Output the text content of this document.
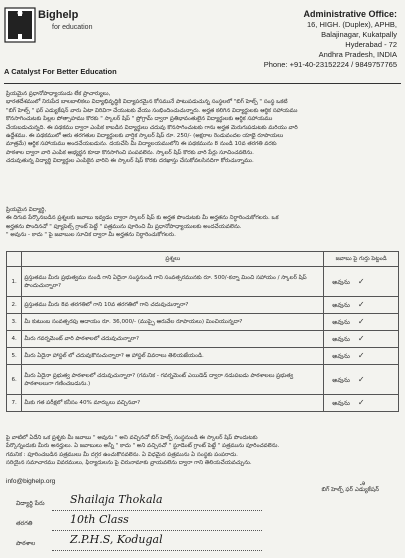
Bighelp
for education
A Catalyst For Better Education
Administrative Office:
16, HIGH. (Duplex), APHB,
Balajinagar, Kukatpally
Hyderabad - 72
Andhra Pradesh, INDIA
Phone: +91-40-23152224 / 9849757765
ప్రియమైన ప్రధానోపాధ్యాయుడు లేక ప్రాచార్యులు,
భారతదేశములో నిరుపేద బాలబాలికలు విద్యాభివృద్ధికి విద్యాపరమైన కోసమునే పాటుపడుచున్న సంస్థలలో "బిగ్ హెల్ప్ " సంస్థ ఒకటి
"బిగ్ హెల్ప్ " ఫర్ ఎడ్యుకేషన్ వారు ఏటా విరివిగా చేయుటకు వేయు సంభిందించుచున్నారు. అర్హత కలిగిన విద్యార్థులకు ఆర్థిక సహాయము
కొనసాగించుటకు పిల్లల పోత్సాహము కొరకు " స్కాలర్ షిప్ " ప్రోగ్రామ్ ద్వారా ప్రతిభావంతులైన విద్యార్థులకు ఆర్థిక సహాయము
చేయబడుచున్నది. ఈ పథకము ద్వారా ఎంపిక కాబడిన విద్యార్థులు చదువు కొనసాగించుటకు గాను అర్హత మెరుగుపడుటకు మరియు వారి
ఉద్దేశము. ఈ పథకములో ఆరు తరగతుల విద్యార్థులకు వార్షిక స్కాలర్ షిప్ రూ. 250/- (అక్షరాల రెండువందల యాభై రూపాయలు
మాత్రమే) ఆర్థిక సహాయము అందచేయబడును. దయచేసి మీ విద్యాలయములోని ఈ పథకమును 8 నుండి 10వ తరగతి వరకు
పాఠశాల ద్వారా వారి ఎంపిక అభ్యర్థన కూడా కొనసాగించి పంపవలెను. స్కాలర్ షిప్ కొరకు వారి పేర్లు సూచించవలెను.
చదువుతున్న విద్యార్థి విద్యార్థుల ఎంపికైన వారిని ఈ స్కాలర్ షిప్ కొరకు దరఖాస్తు చేసుకోవలసినదిగా కోరుచున్నాము.
ప్రియమైన విద్యార్థి,
ఈ దిగువ పేర్కొనబడిన ప్రశ్నలకు జవాబు ఇవ్వడం ద్వారా స్కాలర్ షిప్ కు అర్హత పొందుటకు మీ అర్హతను నిర్ధారించుకోగలరు. ఒక
అర్హతను పొందినచో " ప్యూపెల్స్ గ్రాంట్ పెట్టే " పత్రమును పూరించి మీ ప్రధానోపాధ్యాయులకు అందచేయవలెను.
" అవును - కాదు " పై జవాబుల సూచిక ద్వారా మీ అర్హతను నిర్ధారించుకోగలరు.
	ప్రశ్నలు	జవాబు పై గుర్తు పెట్టండి
1.	ప్రస్తుతము మీరు ప్రభుత్వము నుండి గాని ఏదైనా సంస్థనుండి గాని సంవత్సరమునకు రూ. 500/-కన్నా మించి సహాయం / స్కాలర్ షిప్ పొందుచున్నారా?	అవును ✓
2.	ప్రస్తుతము మీరు 8వ తరగతిలో గాని 10వ తరగతిలో గాని చదువుచున్నారా?	అవును ✓
3.	మీ కుటుంబ సంవత్సరపు ఆదాయం రూ. 36,000/- (ముప్పై ఆరువేల రూపాయలు) మించియున్నదా?	అవును ✓
4.	మీరు గవర్నమెంట్ వారి పాఠశాలలో చదువుచున్నారా?	అవును ✓
5.	మీరు ఏదైనా హాస్టల్ లో చదువుకొనుచున్నారా? ఆ హాస్టల్ వివరాలు తెలియజేయండి.	అవును ✓
6.	మీరు ఏదైనా ప్రభుత్వ పాఠశాలలో చదువుచున్నారా? (గమనిక - గవర్నమెంట్ ఎయిడెడ్ ద్వారా నడుపబడు పాఠశాలలు ప్రభుత్వ పాఠశాలలుగా గణించబడును.)	అవును ✓
7.	మీకు గత పరీక్షలో కనీసం 40% మార్కులు వచ్చినవా?	అవును ✓
పై వాటిలో ఏదేని ఒక ప్రశ్నకు మీ జవాబు " అవును " అని వచ్చినచో బిగ్ హెల్ప్ సంస్థనుండి ఈ స్కాలర్ షిప్ పొందుటకు
పేర్కొన్నందుకు మీరు అనర్హులు. ఏ జవాబులు అన్నీ " కాదు " అని వచ్చినచో " స్టూడెంట్ గ్రాంట్ పెట్టే " పత్రమును పూరించవలెను.
గమనిక : పూరించబడిన పత్రములు మీ దగ్గర ఉంచుకొనవలెను. ఏ విధమైన పత్రమును ఏ సంస్థకు పంపరాదు.
సరియైన సమాచారము వివరములు, ఫిర్యాదులను పై చిరునామాకు వ్రాయవలెను ద్వారా గాని తెలియచేయవచ్చును.
info@bighelp.org	ꭿ
బిగ్ హెల్ప్ ఫర్ ఎడ్యుకేషన్
విద్యార్థి పేరు Shailaja Thokala
తరగతి	10th Class
పాఠశాల	Z.P.H.S, Kodugal
